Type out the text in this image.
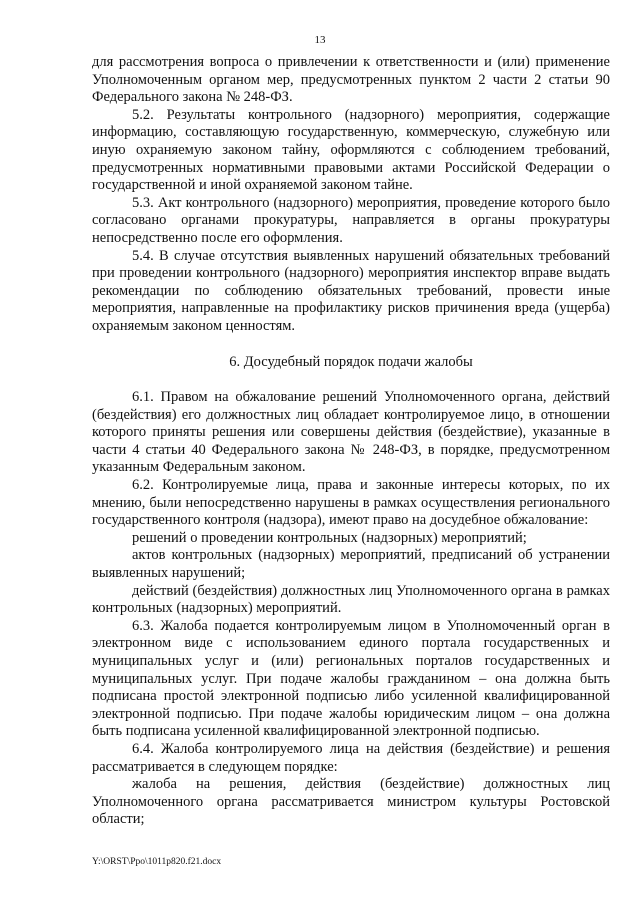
13

для рассмотрения вопроса о привлечении к ответственности и (или) применение Уполномоченным органом мер, предусмотренных пунктом 2 части 2 статьи 90 Федерального закона № 248-ФЗ.

5.2. Результаты контрольного (надзорного) мероприятия, содержащие информацию, составляющую государственную, коммерческую, служебную или иную охраняемую законом тайну, оформляются с соблюдением требований, предусмотренных нормативными правовыми актами Российской Федерации о государственной и иной охраняемой законом тайне.

5.3. Акт контрольного (надзорного) мероприятия, проведение которого было согласовано органами прокуратуры, направляется в органы прокуратуры непосредственно после его оформления.

5.4. В случае отсутствия выявленных нарушений обязательных требований при проведении контрольного (надзорного) мероприятия инспектор вправе выдать рекомендации по соблюдению обязательных требований, провести иные мероприятия, направленные на профилактику рисков причинения вреда (ущерба) охраняемым законом ценностям.

6. Досудебный порядок подачи жалобы

6.1. Правом на обжалование решений Уполномоченного органа, действий (бездействия) его должностных лиц обладает контролируемое лицо, в отношении которого приняты решения или совершены действия (бездействие), указанные в части 4 статьи 40 Федерального закона № 248-ФЗ, в порядке, предусмотренном указанным Федеральным законом.

6.2. Контролируемые лица, права и законные интересы которых, по их мнению, были непосредственно нарушены в рамках осуществления регионального государственного контроля (надзора), имеют право на досудебное обжалование:

решений о проведении контрольных (надзорных) мероприятий;

актов контрольных (надзорных) мероприятий, предписаний об устранении выявленных нарушений;

действий (бездействия) должностных лиц Уполномоченного органа в рамках контрольных (надзорных) мероприятий.

6.3. Жалоба подается контролируемым лицом в Уполномоченный орган в электронном виде с использованием единого портала государственных и муниципальных услуг и (или) региональных порталов государственных и муниципальных услуг. При подаче жалобы гражданином – она должна быть подписана простой электронной подписью либо усиленной квалифицированной электронной подписью. При подаче жалобы юридическим лицом – она должна быть подписана усиленной квалифицированной электронной подписью.

6.4. Жалоба контролируемого лица на действия (бездействие) и решения рассматривается в следующем порядке:

жалоба на решения, действия (бездействие) должностных лиц Уполномоченного органа рассматривается министром культуры Ростовской области;

Y:\ORST\Ppo\1011p820.f21.docx
